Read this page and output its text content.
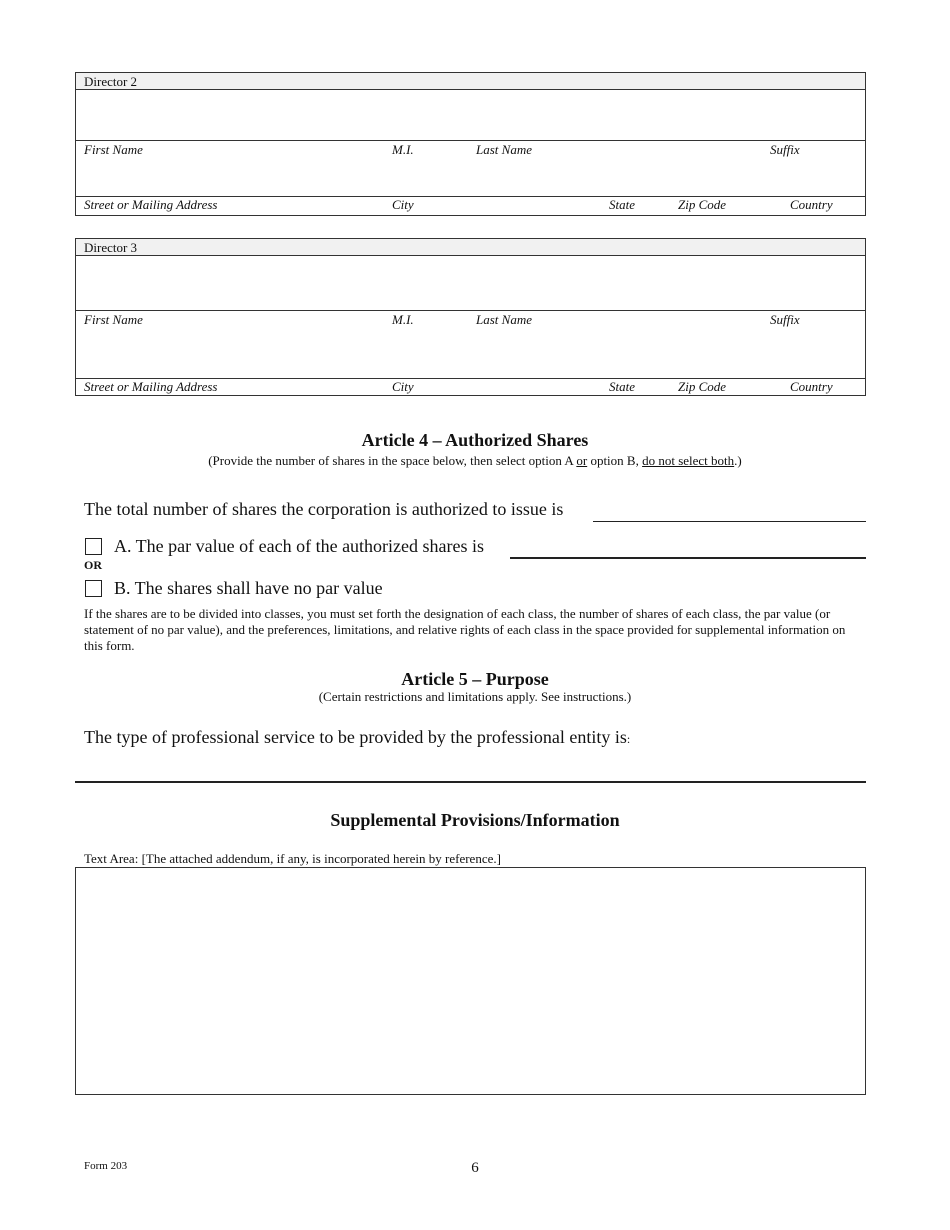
Director 2
First Name	M.I.	Last Name	Suffix
Street or Mailing Address	City	State	Zip Code	Country
Director 3
First Name	M.I.	Last Name	Suffix
Street or Mailing Address	City	State	Zip Code	Country
Article 4 – Authorized Shares
(Provide the number of shares in the space below, then select option A or option B, do not select both.)
The total number of shares the corporation is authorized to issue is
A. The par value of each of the authorized shares is
OR
B. The shares shall have no par value
If the shares are to be divided into classes, you must set forth the designation of each class, the number of shares of each class, the par value (or statement of no par value), and the preferences, limitations, and relative rights of each class in the space provided for supplemental information on this form.
Article 5 – Purpose
(Certain restrictions and limitations apply. See instructions.)
The type of professional service to be provided by the professional entity is:
Supplemental Provisions/Information
Text Area: [The attached addendum, if any, is incorporated herein by reference.]
Form 203	6
